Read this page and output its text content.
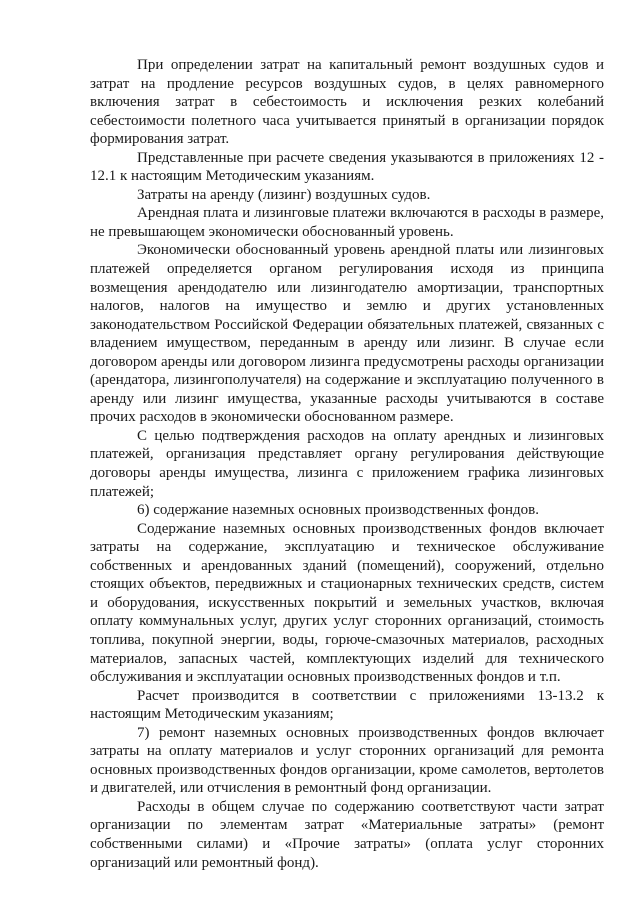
При определении затрат на капитальный ремонт воздушных судов и затрат на продление ресурсов воздушных судов, в целях равномерного включения затрат в себестоимость и исключения резких колебаний себестоимости полетного часа учитывается принятый в организации порядок формирования затрат.

Представленные при расчете сведения указываются в приложениях 12 - 12.1 к настоящим Методическим указаниям.

Затраты на аренду (лизинг) воздушных судов.

Арендная плата и лизинговые платежи включаются в расходы в размере, не превышающем экономически обоснованный уровень.

Экономически обоснованный уровень арендной платы или лизинговых платежей определяется органом регулирования исходя из принципа возмещения арендодателю или лизингодателю амортизации, транспортных налогов, налогов на имущество и землю и других установленных законодательством Российской Федерации обязательных платежей, связанных с владением имуществом, переданным в аренду или лизинг. В случае если договором аренды или договором лизинга предусмотрены расходы организации (арендатора, лизингополучателя) на содержание и эксплуатацию полученного в аренду или лизинг имущества, указанные расходы учитываются в составе прочих расходов в экономически обоснованном размере.

С целью подтверждения расходов на оплату арендных и лизинговых платежей, организация представляет органу регулирования действующие договоры аренды имущества, лизинга с приложением графика лизинговых платежей;

6) содержание наземных основных производственных фондов.

Содержание наземных основных производственных фондов включает затраты на содержание, эксплуатацию и техническое обслуживание собственных и арендованных зданий (помещений), сооружений, отдельно стоящих объектов, передвижных и стационарных технических средств, систем и оборудования, искусственных покрытий и земельных участков, включая оплату коммунальных услуг, других услуг сторонних организаций, стоимость топлива, покупной энергии, воды, горюче-смазочных материалов, расходных материалов, запасных частей, комплектующих изделий для технического обслуживания и эксплуатации основных производственных фондов и т.п.

Расчет производится в соответствии с приложениями 13-13.2 к настоящим Методическим указаниям;

7) ремонт наземных основных производственных фондов включает затраты на оплату материалов и услуг сторонних организаций для ремонта основных производственных фондов организации, кроме самолетов, вертолетов и двигателей, или отчисления в ремонтный фонд организации.

Расходы в общем случае по содержанию соответствуют части затрат организации по элементам затрат «Материальные затраты» (ремонт собственными силами) и «Прочие затраты» (оплата услуг сторонних организаций или ремонтный фонд).
